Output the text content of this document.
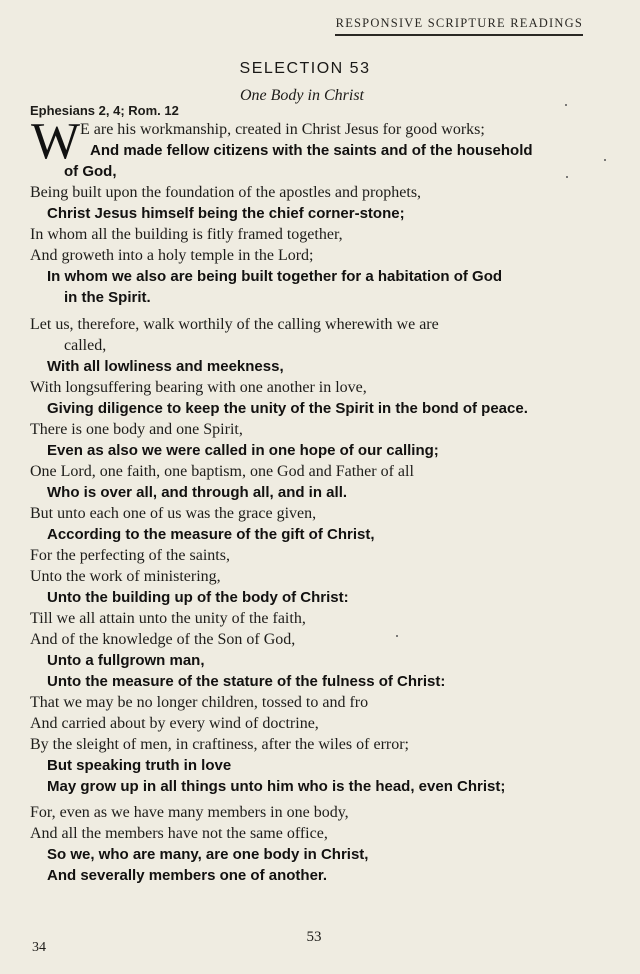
RESPONSIVE SCRIPTURE READINGS
SELECTION 53
One Body in Christ
Ephesians 2, 4; Rom. 12
W E are his workmanship, created in Christ Jesus for good works;
And made fellow citizens with the saints and of the household
of God,
Being built upon the foundation of the apostles and prophets,
Christ Jesus himself being the chief corner-stone;
In whom all the building is fitly framed together,
And groweth into a holy temple in the Lord;
In whom we also are being built together for a habitation of God
in the Spirit.
Let us, therefore, walk worthily of the calling wherewith we are
called,
With all lowliness and meekness,
With longsuffering bearing with one another in love,
Giving diligence to keep the unity of the Spirit in the bond of peace.
There is one body and one Spirit,
Even as also we were called in one hope of our calling;
One Lord, one faith, one baptism, one God and Father of all
Who is over all, and through all, and in all.
But unto each one of us was the grace given,
According to the measure of the gift of Christ,
For the perfecting of the saints,
Unto the work of ministering,
Unto the building up of the body of Christ:
Till we all attain unto the unity of the faith,
And of the knowledge of the Son of God,
Unto a fullgrown man,
Unto the measure of the stature of the fulness of Christ:
That we may be no longer children, tossed to and fro
And carried about by every wind of doctrine,
By the sleight of men, in craftiness, after the wiles of error;
But speaking truth in love
May grow up in all things unto him who is the head, even Christ;
For, even as we have many members in one body,
And all the members have not the same office,
So we, who are many, are one body in Christ,
And severally members one of another.
34
53
